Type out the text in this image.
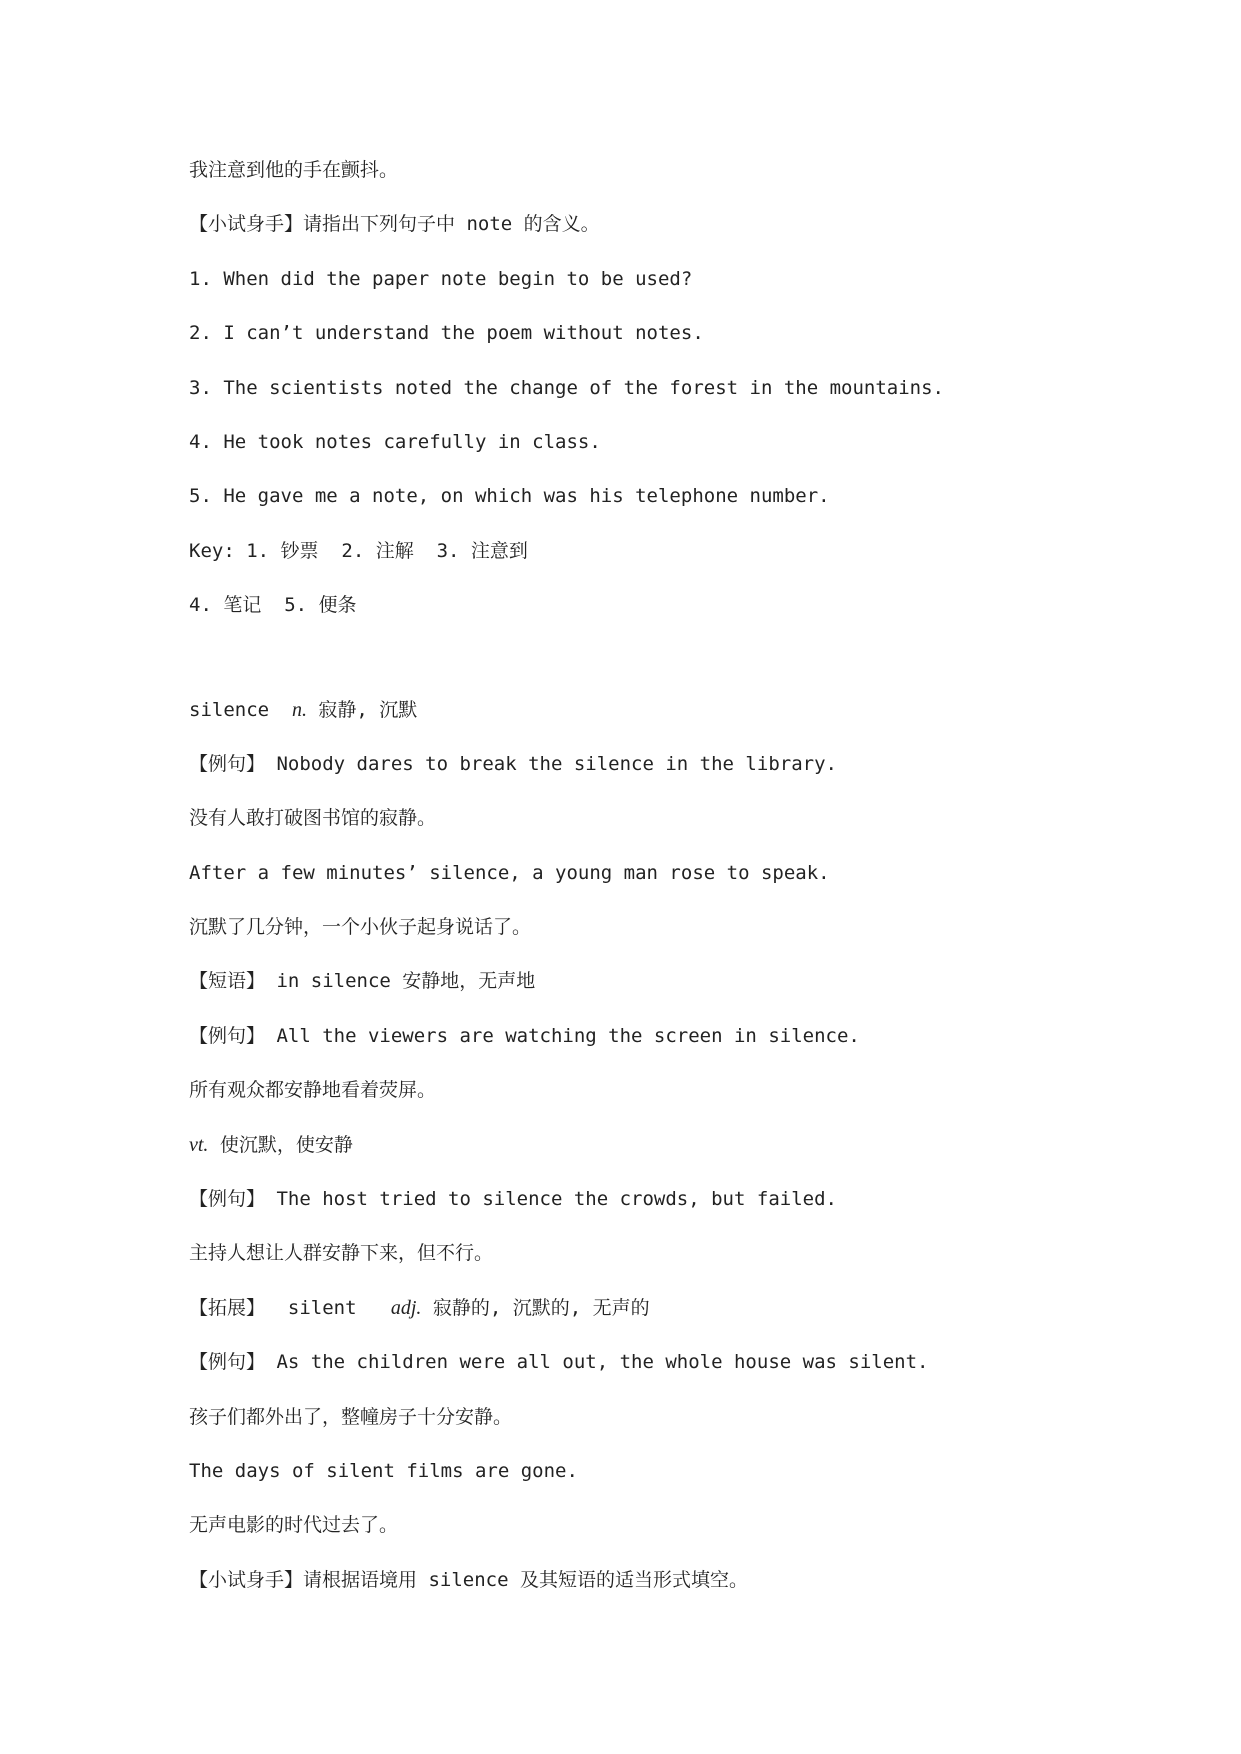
我注意到他的手在颤抖。
【小试身手】请指出下列句子中 note 的含义。
1. When did the paper note begin to be used?
2. I can’t understand the poem without notes.
3. The scientists noted the change of the forest in the mountains.
4. He took notes carefully in class.
5. He gave me a note, on which was his telephone number.
Key: 1. 钞票  2. 注解  3. 注意到
4. 笔记  5. 便条
silence n. 寂静, 沉默
【例句】 Nobody dares to break the silence in the library.
没有人敢打破图书馆的寂静。
After a few minutes’ silence, a young man rose to speak.
沉默了几分钟，一个小伙子起身说话了。
【短语】 in silence 安静地，无声地
【例句】 All the viewers are watching the screen in silence.
所有观众都安静地看着荧屏。
vt. 使沉默，使安静
【例句】 The host tried to silence the crowds, but failed.
主持人想让人群安静下来，但不行。
【拓展】 silent adj. 寂静的, 沉默的, 无声的
【例句】 As the children were all out, the whole house was silent.
孩子们都外出了，整幢房子十分安静。
The days of silent films are gone.
无声电影的时代过去了。
【小试身手】请根据语境用 silence 及其短语的适当形式填空。
